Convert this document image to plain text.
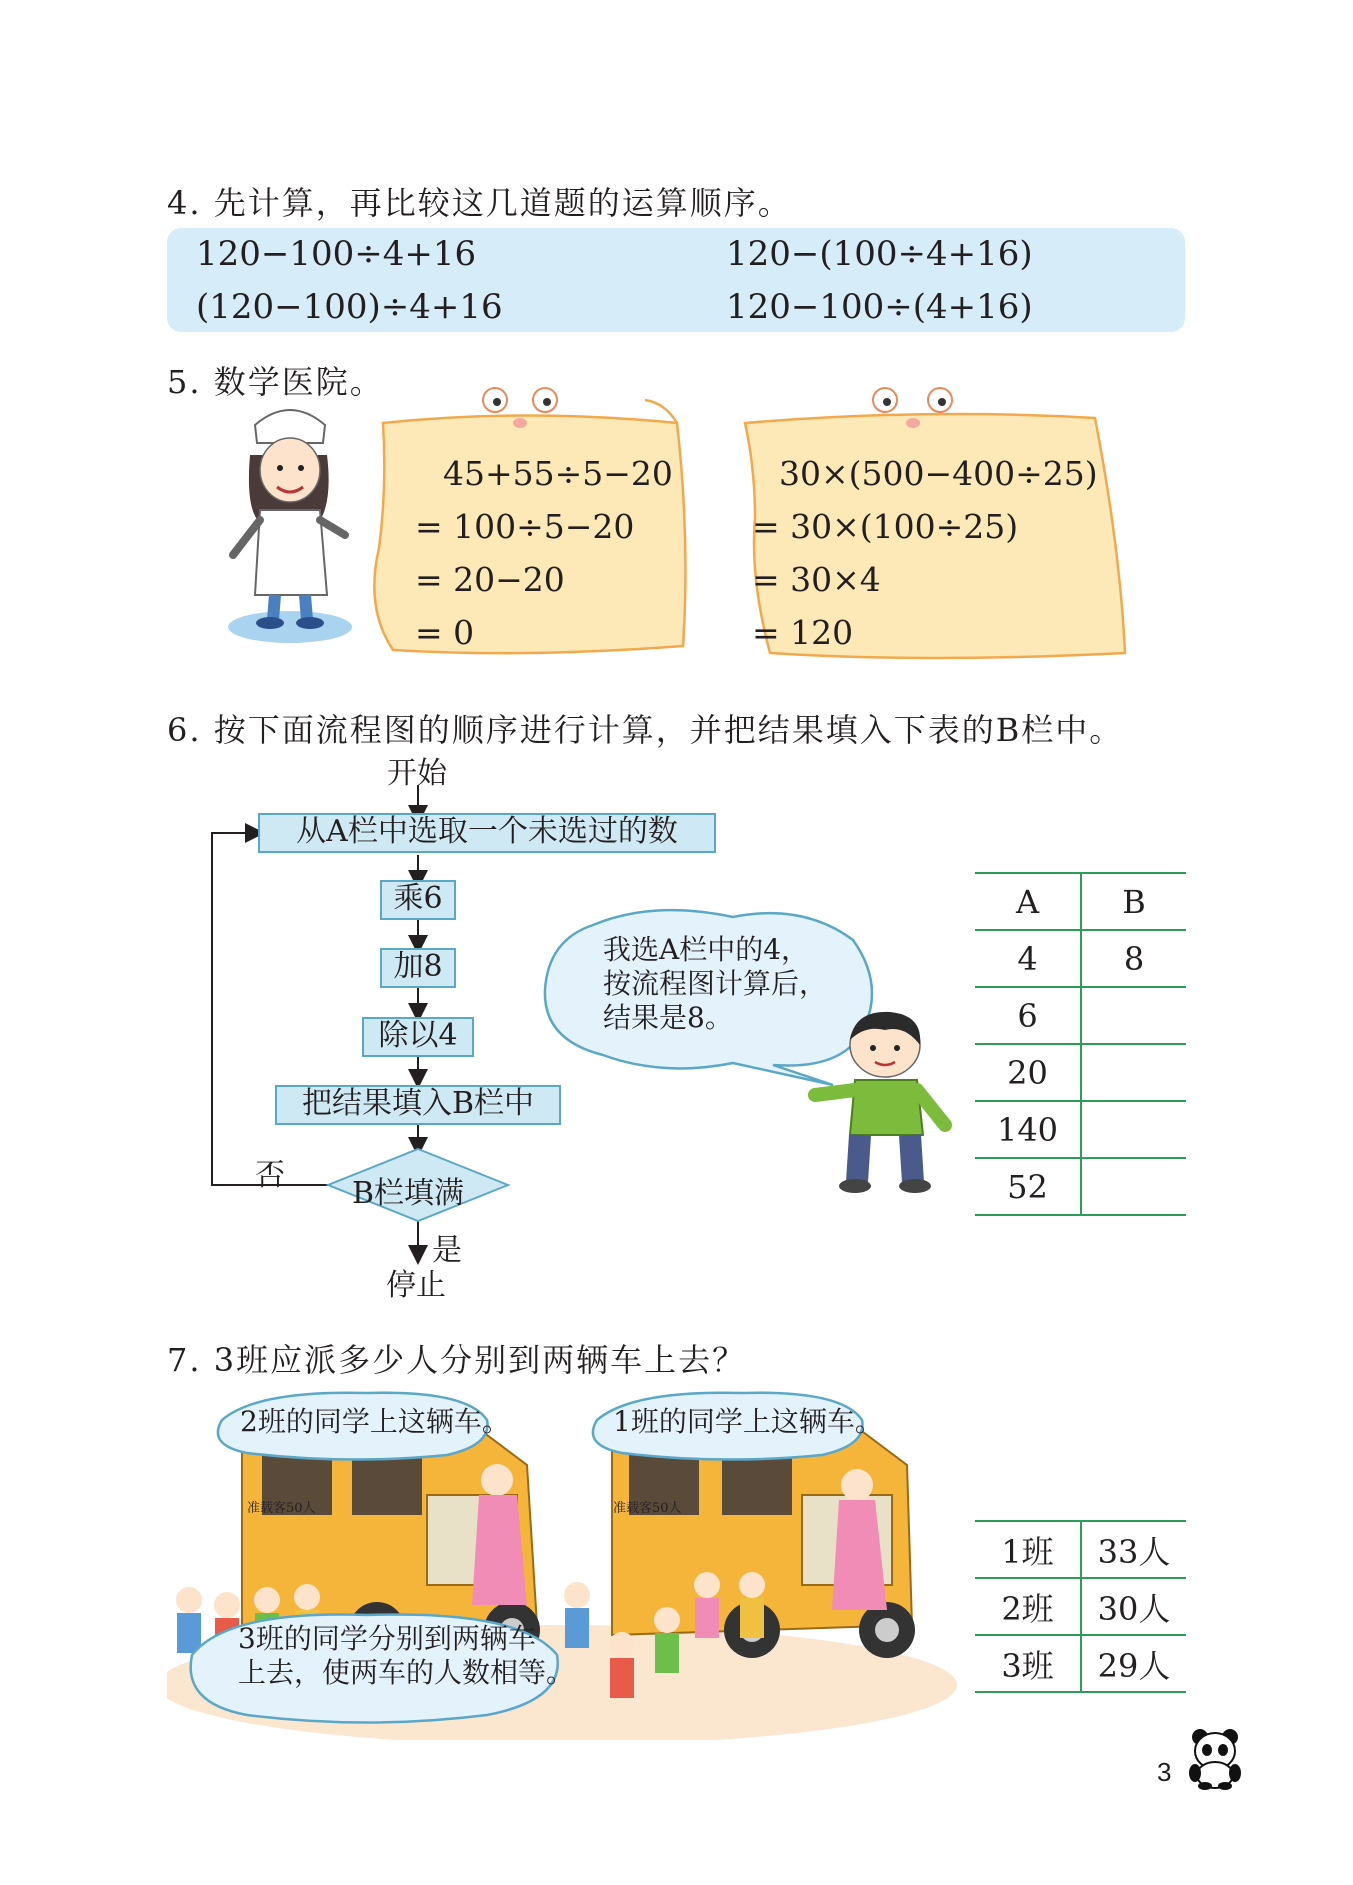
4. 先计算，再比较这几道题的运算顺序。
120−100÷4+16	120−(100÷4+16)
(120−100)÷4+16	120−100÷(4+16)
5. 数学医院。
45+55÷5−20
= 100÷5−20
= 20−20
= 0
30×(500−400÷25)
= 30×(100÷25)
= 30×4
= 120
6. 按下面流程图的顺序进行计算，并把结果填入下表的B栏中。
开始
从A栏中选取一个未选过的数
乘6
加8
除以4
把结果填入B栏中
B栏填满
否
是
停止
我选A栏中的4，
按流程图计算后，
结果是8。
A	B
4	8
6	
20	
140	
52	
7. 3班应派多少人分别到两辆车上去？
2班的同学上这辆车。	1班的同学上这辆车。
3班的同学分别到两辆车
上去，使两车的人数相等。
准载客50人	准载客50人
1班	33人
2班	30人
3班	29人
3
